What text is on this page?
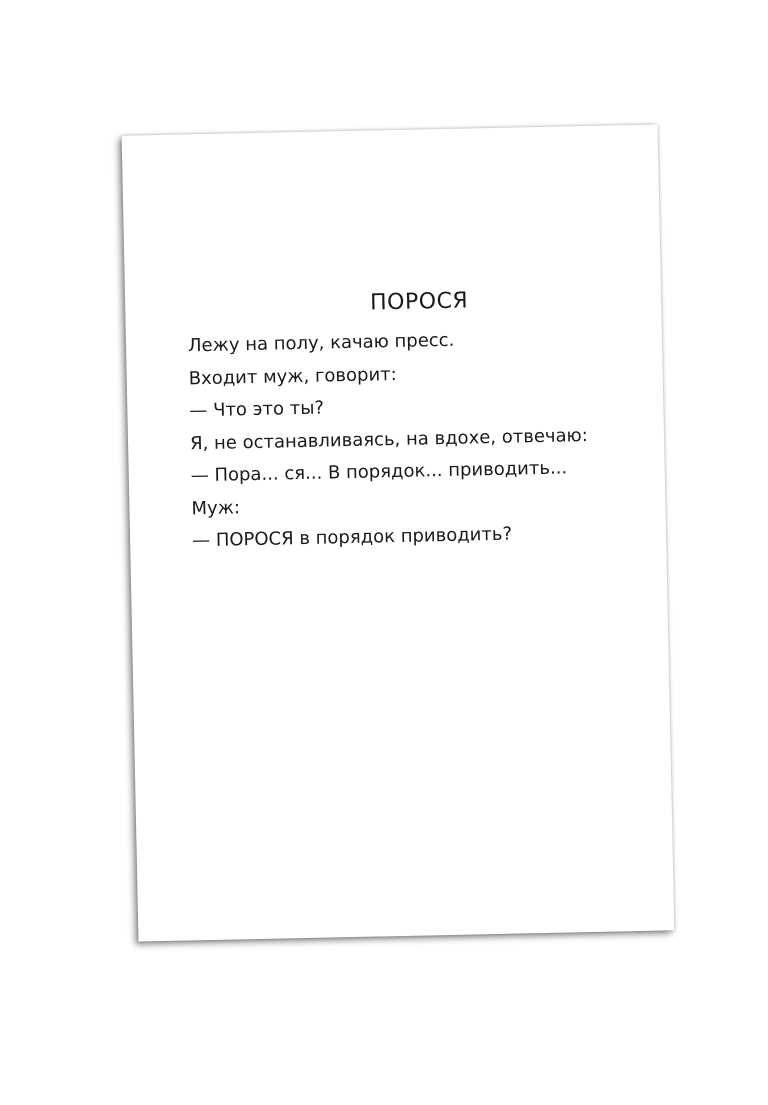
ПОРОСЯ

Лежу на полу, качаю пресс.

Входит муж, говорит:

— Что это ты?

Я, не останавливаясь, на вдохе, отвечаю:

— Пора... ся... В порядок... приводить...

Муж:

— ПОРОСЯ в порядок приводить?
